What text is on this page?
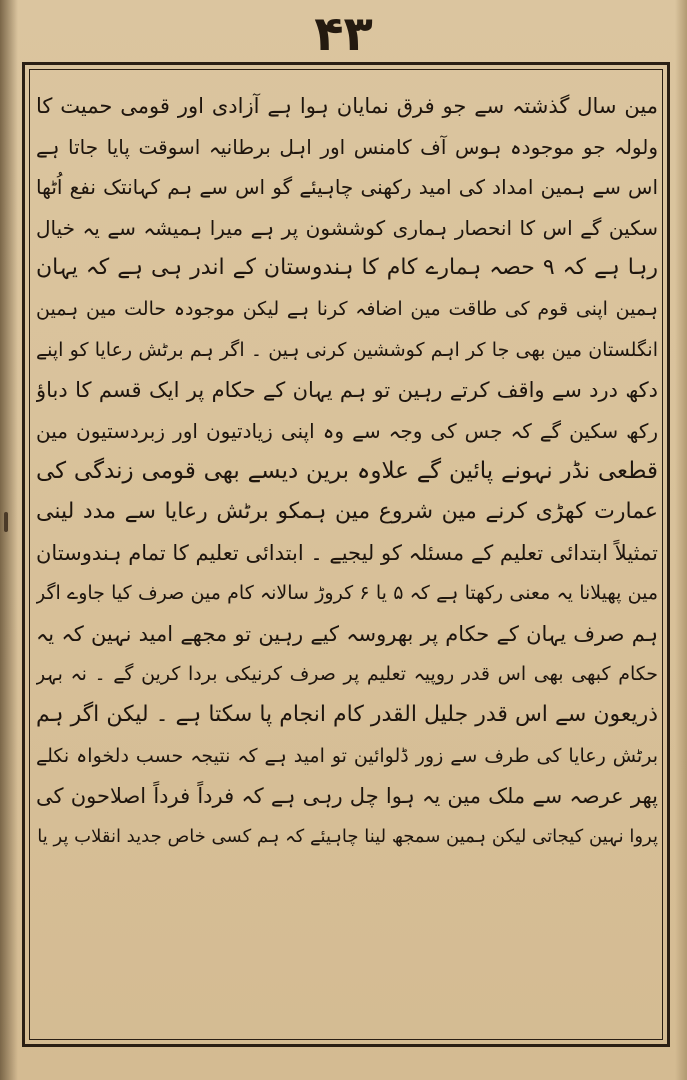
۴۳
مین سال گذشتہ سے جو فرق نمایان ہوا ہے آزادی اور قومی حمیت کا
ولولہ جو موجودہ ہوس آف کامنس اور اہل برطانیہ اسوقت پایا جاتا ہے
اس سے ہمین امداد کی امید رکھنی چاہیئے گو اس سے ہم کہانتک نفع اُٹھا
سکین گے اس کا انحصار ہماری کوششون پر ہے میرا ہمیشہ سے یہ خیال
رہا ہے کہ ۹ حصہ ہمارے کام کا ہندوستان کے اندر ہی ہے کہ یہان
ہمین اپنی قوم کی طاقت مین اضافہ کرنا ہے لیکن موجودہ حالت مین ہمین
انگلستان مین بھی جا کر اہم کوششین کرنی ہین ۔ اگر ہم برٹش رعایا کو اپنے
دکھ درد سے واقف کرتے رہین تو ہم یہان کے حکام پر ایک قسم کا دباؤ
رکھ سکین گے کہ جس کی وجہ سے وہ اپنی زیادتیون اور زبردستیون مین
قطعی نڈر نہونے پائین گے علاوہ برین دیسے بھی قومی زندگی کی
عمارت کھڑی کرنے مین شروع مین ہمکو برٹش رعایا سے مدد لینی
تمثیلاً ابتدائی تعلیم کے مسئلہ کو لیجیے ۔ ابتدائی تعلیم کا تمام ہندوستان
مین پھیلانا یہ معنی رکھتا ہے کہ ۵ یا ۶ کروڑ سالانہ کام مین صرف کیا جاوے اگر
ہم صرف یہان کے حکام پر بھروسہ کیے رہین تو مجھے امید نہین کہ یہ
حکام کبھی بھی اس قدر روپیہ تعلیم پر صرف کرنیکی بردا کرین گے ۔ نہ بہر
ذریعون سے اس قدر جلیل القدر کام انجام پا سکتا ہے ۔ لیکن اگر ہم
برٹش رعایا کی طرف سے زور ڈلوائین تو امید ہے کہ نتیجہ حسب دلخواہ نکلے
پھر عرصہ سے ملک مین یہ ہوا چل رہی ہے کہ فرداً فرداً اصلاحون کی
پروا نہین کیجاتی لیکن ہمین سمجھ لینا چاہیئے کہ ہم کسی خاص جدید انقلاب پر یا
